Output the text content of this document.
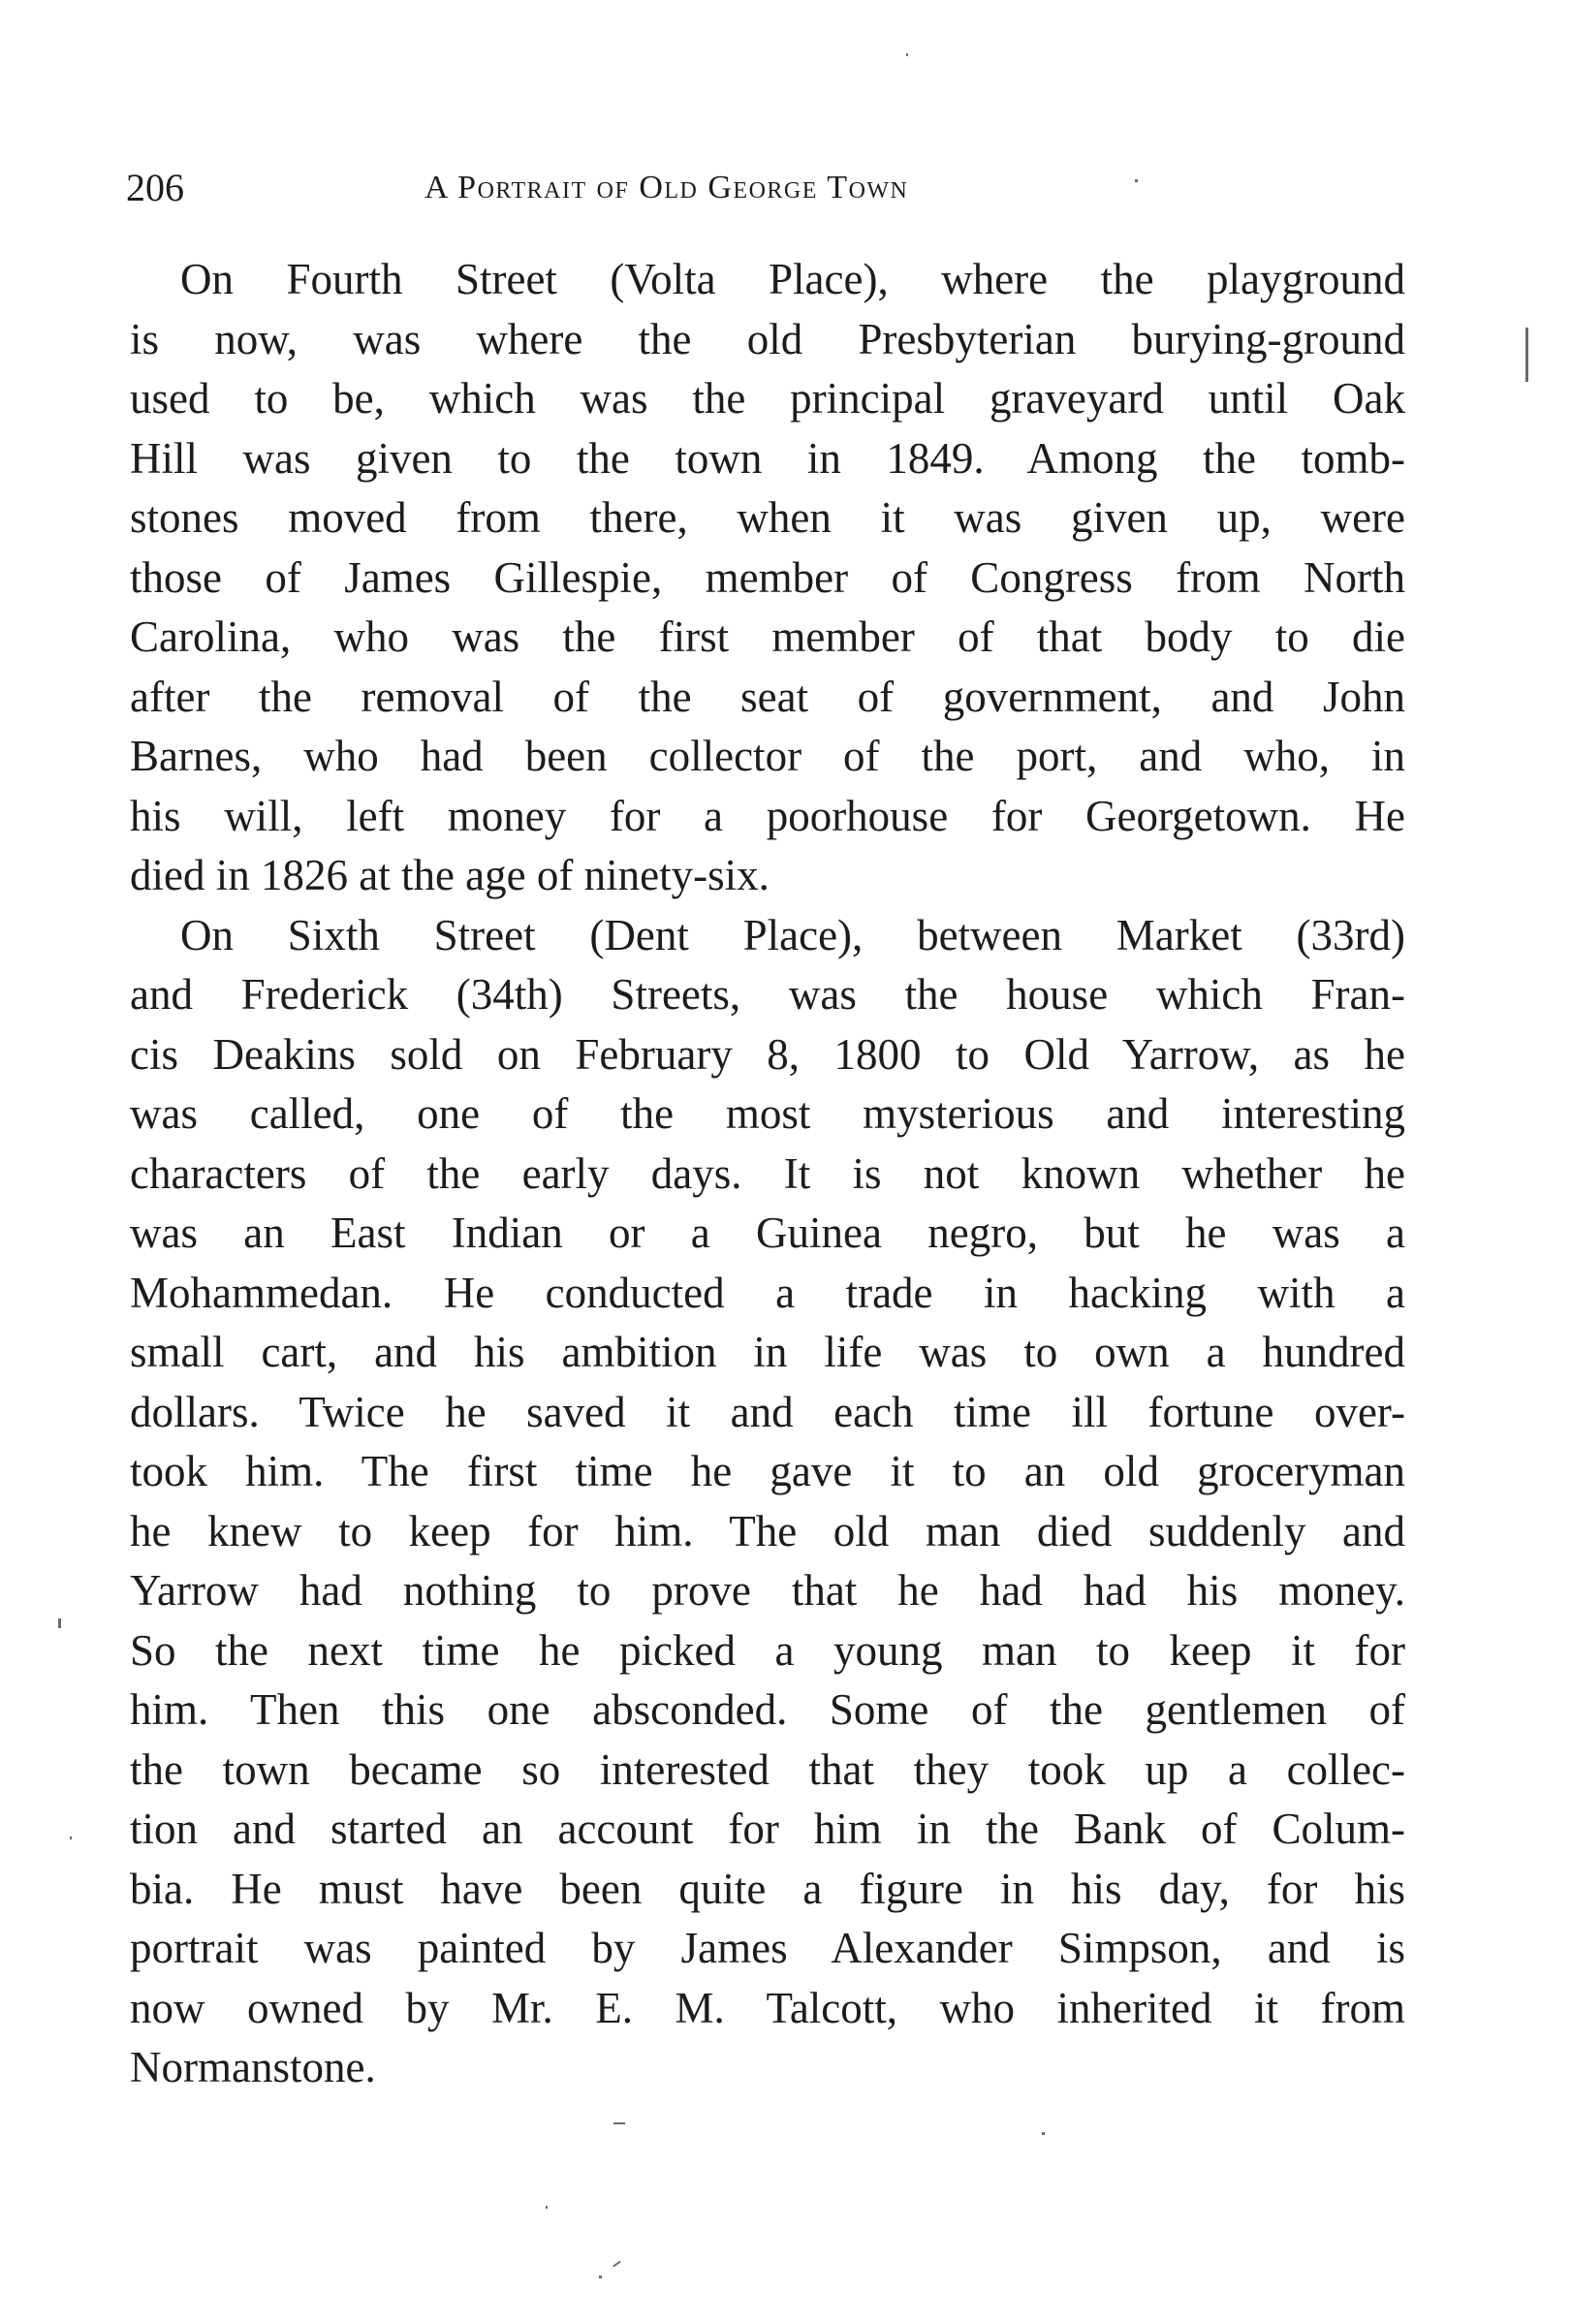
206	A Portrait of Old George Town
On Fourth Street (Volta Place), where the playground
is now, was where the old Presbyterian burying-ground
used to be, which was the principal graveyard until Oak
Hill was given to the town in 1849. Among the tomb-
stones moved from there, when it was given up, were
those of James Gillespie, member of Congress from North
Carolina, who was the first member of that body to die
after the removal of the seat of government, and John
Barnes, who had been collector of the port, and who, in
his will, left money for a poorhouse for Georgetown. He
died in 1826 at the age of ninety-six.
On Sixth Street (Dent Place), between Market (33rd)
and Frederick (34th) Streets, was the house which Fran-
cis Deakins sold on February 8, 1800 to Old Yarrow, as he
was called, one of the most mysterious and interesting
characters of the early days. It is not known whether he
was an East Indian or a Guinea negro, but he was a
Mohammedan. He conducted a trade in hacking with a
small cart, and his ambition in life was to own a hundred
dollars. Twice he saved it and each time ill fortune over-
took him. The first time he gave it to an old groceryman
he knew to keep for him. The old man died suddenly and
Yarrow had nothing to prove that he had had his money.
So the next time he picked a young man to keep it for
him. Then this one absconded. Some of the gentlemen of
the town became so interested that they took up a collec-
tion and started an account for him in the Bank of Colum-
bia. He must have been quite a figure in his day, for his
portrait was painted by James Alexander Simpson, and is
now owned by Mr. E. M. Talcott, who inherited it from
Normanstone.
